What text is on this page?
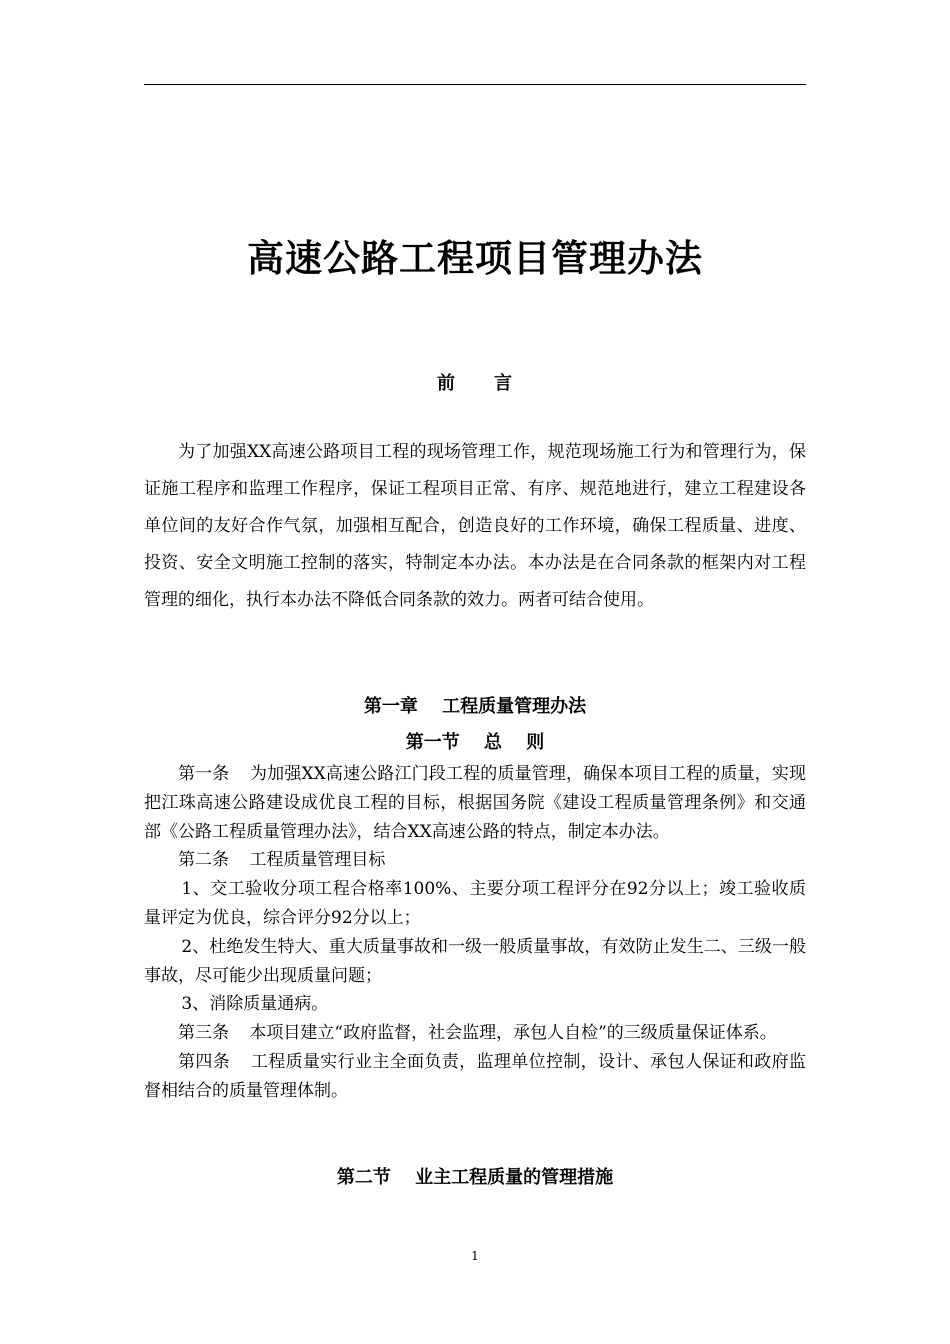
高速公路工程项目管理办法
前　　言

为了加强XX高速公路项目工程的现场管理工作，规范现场施工行为和管理行为，保证施工程序和监理工作程序，保证工程项目正常、有序、规范地进行，建立工程建设各单位间的友好合作气氛，加强相互配合，创造良好的工作环境，确保工程质量、进度、投资、安全文明施工控制的落实，特制定本办法。本办法是在合同条款的框架内对工程管理的细化，执行本办法不降低合同条款的效力。两者可结合使用。

第一章　 工程质量管理办法
第一节　 总　 则

第一条 为加强XX高速公路江门段工程的质量管理，确保本项目工程的质量，实现把江珠高速公路建设成优良工程的目标，根据国务院《建设工程质量管理条例》和交通部《公路工程质量管理办法》，结合XX高速公路的特点，制定本办法。

第二条 工程质量管理目标

1、交工验收分项工程合格率100%、主要分项工程评分在92分以上；竣工验收质量评定为优良，综合评分92分以上；

2、杜绝发生特大、重大质量事故和一级一般质量事故，有效防止发生二、三级一般事故，尽可能少出现质量问题；

3、消除质量通病。

第三条 本项目建立“政府监督，社会监理，承包人自检”的三级质量保证体系。

第四条 工程质量实行业主全面负责，监理单位控制，设计、承包人保证和政府监督相结合的质量管理体制。

第二节　 业主工程质量的管理措施
1
